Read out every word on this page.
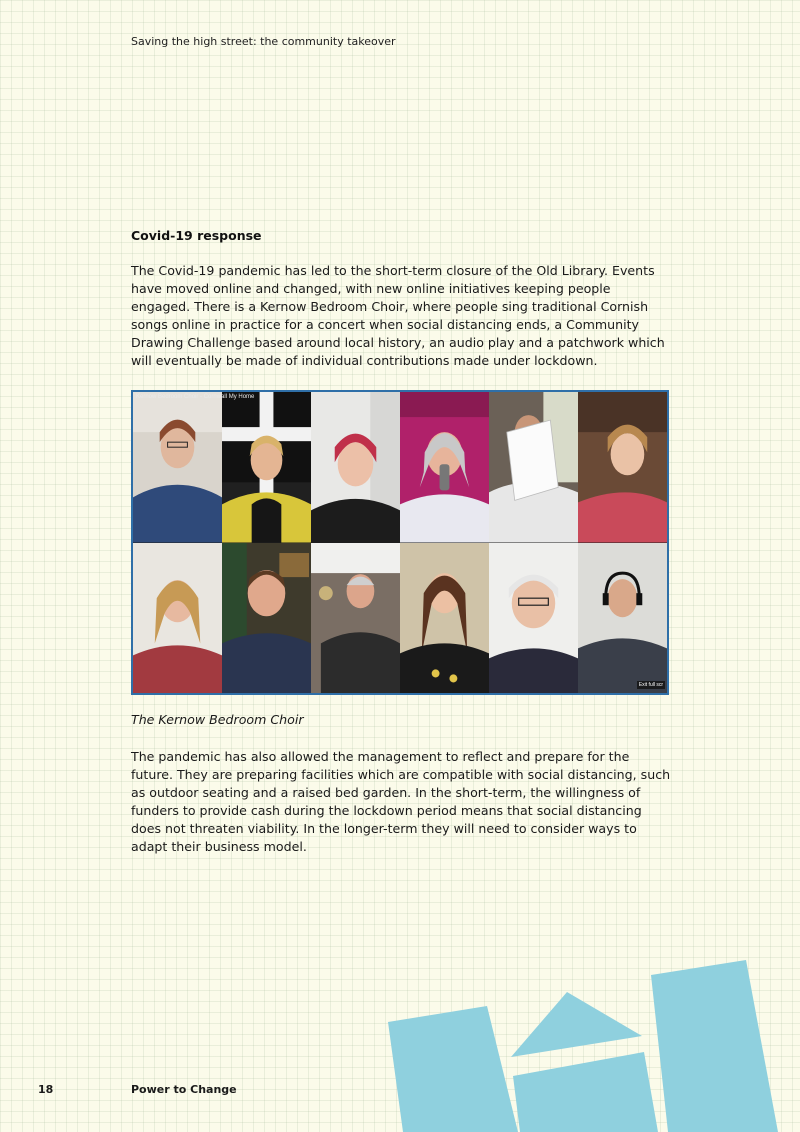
Saving the high street: the community takeover
Covid-19 response

The Covid-19 pandemic has led to the short-term closure of the Old Library. Events have moved online and changed, with new online initiatives keeping people engaged. There is a Kernow Bedroom Choir, where people sing traditional Cornish songs online in practice for a concert when social distancing ends, a Community Drawing Challenge based around local history, an audio play and a patchwork which will eventually be made of individual contributions made under lockdown.

Kernow Bedroom Choir - Cornwall My Home
Exit full scr
The Kernow Bedroom Choir

The pandemic has also allowed the management to reflect and prepare for the future. They are preparing facilities which are compatible with social distancing, such as outdoor seating and a raised bed garden. In the short-term, the willingness of funders to provide cash during the lockdown period means that social distancing does not threaten viability. In the longer-term they will need to consider ways to adapt their business model.

18	Power to Change
